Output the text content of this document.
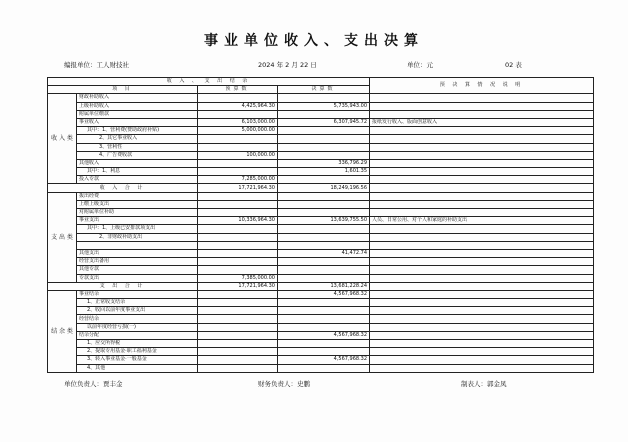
事业单位收入、支出决算
编报单位：工人财技社	2024 年 2 月 22 日	单位：元	02 表
收 入 、 支 出 结 余				预 决 算 情 况 说 明
项 目		预算数	决算数	
收 入 类	财政补助收入			
	上级补助收入	4,425,964.30	5,735,943.00	
	附属单位缴款			
	事业收入	6,103,000.00	6,307,945.72	报纸发行收入、版面创意收入
	其中：1、营利费(赞助政府补贴)	5,000,000.00		
	2、其它事业收入			
	3、营利性			
	4、广告费收款	100,000.00		
	其他收入		336,796.29	
	其中：1、利息		1,601.35	
	投入专款	7,285,000.00		
收 入 合 计		17,721,964.30	18,249,196.56	
支 出 类	拨出经费			
	上缴上级支出			
	对附属单位补助			
	事业支出	10,336,964.30	13,639,755.50	人员、日常公用、对个人和家庭的补助支出
	其中：1、上级已安排款项支出			
	2、非财政补助支出			

	其他支出		41,472.74	
	经营支出备用			
	其他专款			
	专款支出	7,385,000.00		
支 出 合 计		17,721,964.30	13,681,228.24	
结 余 类	事业结余		4,567,968.32	
	1、正常收支结余			
	2、收回以前年度事业支出			
	经营结余			
	以前年度经营亏损(一)			
	结余分配		4,567,968.32	
	1、应交所得税			
	2、提取专用基金·职工福利基金			
	3、转入事业基金·一般基金		4,567,968.32	
	4、其他			
单位负责人：贾丰金	财务负责人：史鹏	制表人：郭金凤
